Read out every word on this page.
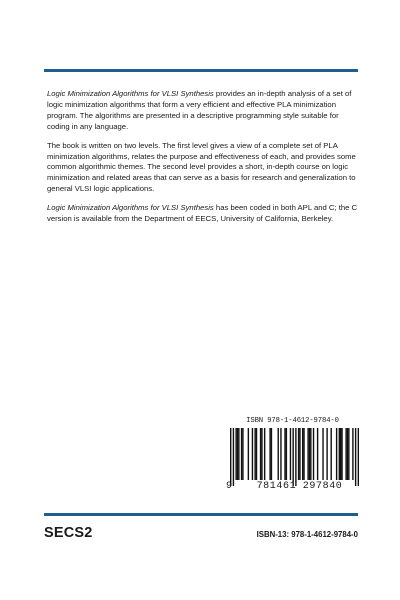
Logic Minimization Algorithms for VLSI Synthesis provides an in-depth analysis of a set of logic minimization algorithms that form a very efficient and effective PLA minimization program. The algorithms are presented in a descriptive programming style suitable for coding in any language.

The book is written on two levels. The first level gives a view of a complete set of PLA minimization algorithms, relates the purpose and effectiveness of each, and provides some common algorithmic themes. The second level provides a short, in-depth course on logic minimization and related areas that can serve as a basis for research and generalization to general VLSI logic applications.

Logic Minimization Algorithms for VLSI Synthesis has been coded in both APL and C; the C version is available from the Department of EECS, University of California, Berkeley.

ISBN 978-1-4612-9784-0
9	781461 297840
SECS2	ISBN-13: 978-1-4612-9784-0
